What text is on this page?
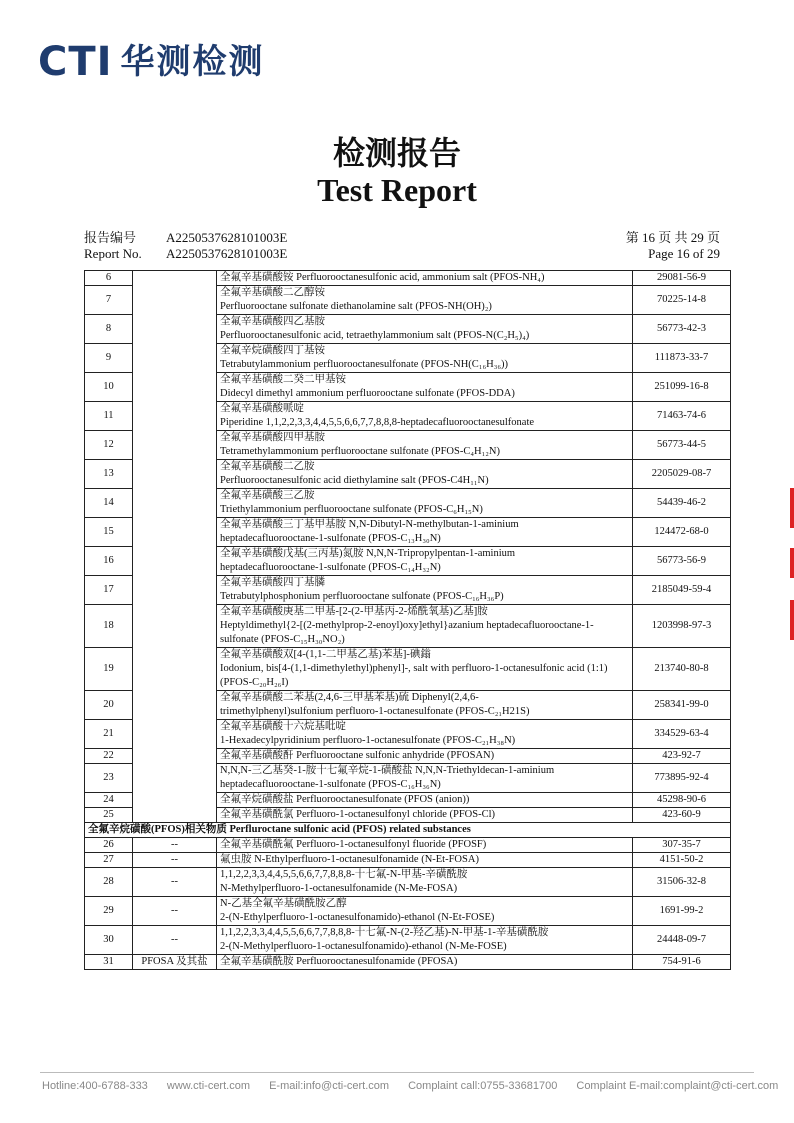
CTI 华测检测
检测报告
Test Report
报告编号 A2250537628101003E
Report No. A2250537628101003E
第 16 页 共 29 页
Page 16 of 29
6		全氟辛基磺酸铵 Perfluorooctanesulfonic acid, ammonium salt (PFOS-NH₄)	29081-56-9
7		全氟辛基磺酸二乙醇铵
Perfluorooctane sulfonate diethanolamine salt (PFOS-NH(OH)₂)	70225-14-8
8		全氟辛基磺酸四乙基胺
Perfluorooctanesulfonic acid, tetraethylammonium salt (PFOS-N(C₂H₅)₄)	56773-42-3
9		全氟辛烷磺酸四丁基铵
Tetrabutylammonium perfluorooctanesulfonate (PFOS-NH(C₁₆H₃₆))	111873-33-7
10		全氟辛基磺酸二癸二甲基铵
Didecyl dimethyl ammonium perfluorooctane sulfonate (PFOS-DDA)	251099-16-8
11		全氟辛基磺酸哌啶
Piperidine 1,1,2,2,3,3,4,4,5,5,6,6,7,7,8,8,8-heptadecafluorooctanesulfonate	71463-74-6
12		全氟辛基磺酸四甲基胺
Tetramethylammonium perfluorooctane sulfonate (PFOS-C₄H₁₂N)	56773-44-5
13		全氟辛基磺酸二乙胺
Perfluorooctanesulfonic acid diethylamine salt (PFOS-C4H₁₁N)	2205029-08-7
14		全氟辛基磺酸三乙胺
Triethylammonium perfluorooctane sulfonate (PFOS-C₆H₁₅N)	54439-46-2
15		全氟辛基磺酸三丁基甲基胺 N,N-Dibutyl-N-methylbutan-1-aminium
heptadecafluorooctane-1-sulfonate (PFOS-C₁₃H₃₀N)	124472-68-0
16		全氟辛基磺酸戊基(三丙基)氮胺 N,N,N-Tripropylpentan-1-aminium
heptadecafluorooctane-1-sulfonate (PFOS-C₁₄H₃₂N)	56773-56-9
17		全氟辛基磺酸四丁基膦
Tetrabutylphosphonium perfluorooctane sulfonate (PFOS-C₁₆H₃₆P)	2185049-59-4
18		全氟辛基磺酸庚基二甲基-[2-(2-甲基丙-2-烯酰氧基)乙基]胺
Heptyldimethyl{2-[(2-methylprop-2-enoyl)oxy]ethyl}azanium heptadecafluorooctane-1-sulfonate (PFOS-C₁₅H₃₀NO₂)	1203998-97-3
19		全氟辛基磺酸双[4-(1,1-二甲基乙基)苯基]-碘鎓
Iodonium, bis[4-(1,1-dimethylethyl)phenyl]-, salt with perfluoro-1-octanesulfonic acid (1:1) (PFOS-C₂₀H₂₆I)	213740-80-8
20		全氟辛基磺酸二苯基(2,4,6-三甲基苯基)硫 Diphenyl(2,4,6-
trimethylphenyl)sulfonium perfluoro-1-octanesulfonate (PFOS-C₂₁H21S)	258341-99-0
21		全氟辛基磺酸十六烷基吡啶
1-Hexadecylpyridinium perfluoro-1-octanesulfonate (PFOS-C₂₁H₃₈N)	334529-63-4
22		全氟辛基磺酸酐 Perfluorooctane sulfonic anhydride (PFOSAN)	423-92-7
23		N,N,N-三乙基癸-1-胺十七氟辛烷-1-磺酸盐 N,N,N-Triethyldecan-1-aminium
heptadecafluorooctane-1-sulfonate (PFOS-C₁₆H₃₆N)	773895-92-4
24		全氟辛烷磺酸盐 Perfluorooctanesulfonate (PFOS (anion))	45298-90-6
25		全氟辛基磺酰氯 Perfluoro-1-octanesulfonyl chloride (PFOS-Cl)	423-60-9
全氟辛烷磺酸(PFOS)相关物质 Perfluroctane sulfonic acid (PFOS) related substances			
26	--	全氟辛基磺酰氟 Perfluoro-1-octanesulfonyl fluoride (PFOSF)	307-35-7
27	--	氟虫胺 N-Ethylperfluoro-1-octanesulfonamide (N-Et-FOSA)	4151-50-2
28	--	1,1,2,2,3,3,4,4,5,5,6,6,7,7,8,8,8-十七氟-N-甲基-辛磺酰胺
N-Methylperfluoro-1-octanesulfonamide (N-Me-FOSA)	31506-32-8
29	--	N-乙基全氟辛基磺酰胺乙醇
2-(N-Ethylperfluoro-1-octanesulfonamido)-ethanol (N-Et-FOSE)	1691-99-2
30	--	1,1,2,2,3,3,4,4,5,5,6,6,7,7,8,8,8-十七氟-N-(2-羟乙基)-N-甲基-1-辛基磺酰胺
2-(N-Methylperfluoro-1-octanesulfonamido)-ethanol (N-Me-FOSE)	24448-09-7
31	PFOSA 及其盐	全氟辛基磺酰胺 Perfluorooctanesulfonamide (PFOSA)	754-91-6
Hotline:400-6788-333 www.cti-cert.com E-mail:info@cti-cert.com Complaint call:0755-33681700 Complaint E-mail:complaint@cti-cert.com
